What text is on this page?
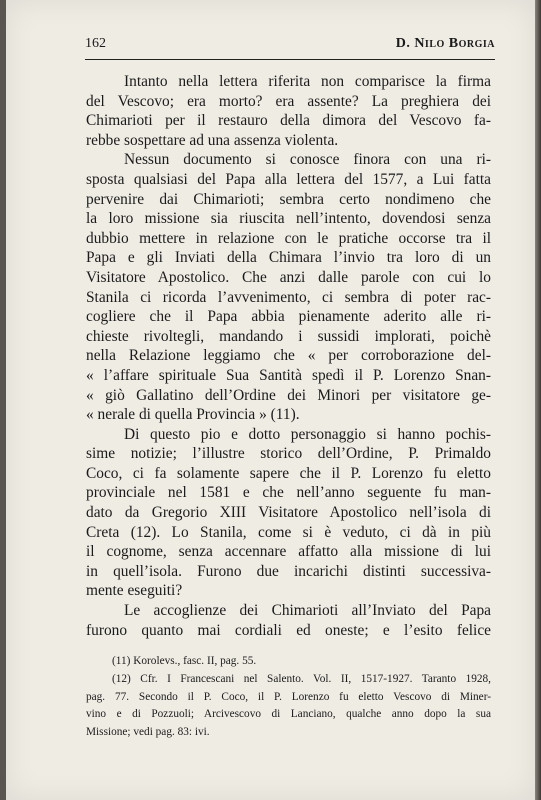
162	D. Nilo Borgia
Intanto nella lettera riferita non comparisce la firma
del Vescovo; era morto? era assente? La preghiera dei
Chimarioti per il restauro della dimora del Vescovo fa-
rebbe sospettare ad una assenza violenta.
Nessun documento si conosce finora con una ri-
sposta qualsiasi del Papa alla lettera del 1577, a Lui fatta
pervenire dai Chimarioti; sembra certo nondimeno che
la loro missione sia riuscita nell’intento, dovendosi senza
dubbio mettere in relazione con le pratiche occorse tra il
Papa e gli Inviati della Chimara l’invio tra loro di un
Visitatore Apostolico. Che anzi dalle parole con cui lo
Stanila ci ricorda l’avvenimento, ci sembra di poter rac-
cogliere che il Papa abbia pienamente aderito alle ri-
chieste rivoltegli, mandando i sussidi implorati, poichè
nella Relazione leggiamo che « per corroborazione del-
« l’affare spirituale Sua Santità spedì il P. Lorenzo Snan-
« giò Gallatino dell’Ordine dei Minori per visitatore ge-
« nerale di quella Provincia » (11).
Di questo pio e dotto personaggio si hanno pochis-
sime notizie; l’illustre storico dell’Ordine, P. Primaldo
Coco, ci fa solamente sapere che il P. Lorenzo fu eletto
provinciale nel 1581 e che nell’anno seguente fu man-
dato da Gregorio XIII Visitatore Apostolico nell’isola di
Creta (12). Lo Stanila, come si è veduto, ci dà in più
il cognome, senza accennare affatto alla missione di lui
in quell’isola. Furono due incarichi distinti successiva-
mente eseguiti?
Le accoglienze dei Chimarioti all’Inviato del Papa
furono quanto mai cordiali ed oneste; e l’esito felice
(11) Korolevs., fasc. II, pag. 55.
(12) Cfr. I Francescani nel Salento. Vol. II, 1517-1927. Taranto 1928,
pag. 77. Secondo il P. Coco, il P. Lorenzo fu eletto Vescovo di Miner-
vino e di Pozzuoli; Arcivescovo di Lanciano, qualche anno dopo la sua
Missione; vedi pag. 83: ivi.
